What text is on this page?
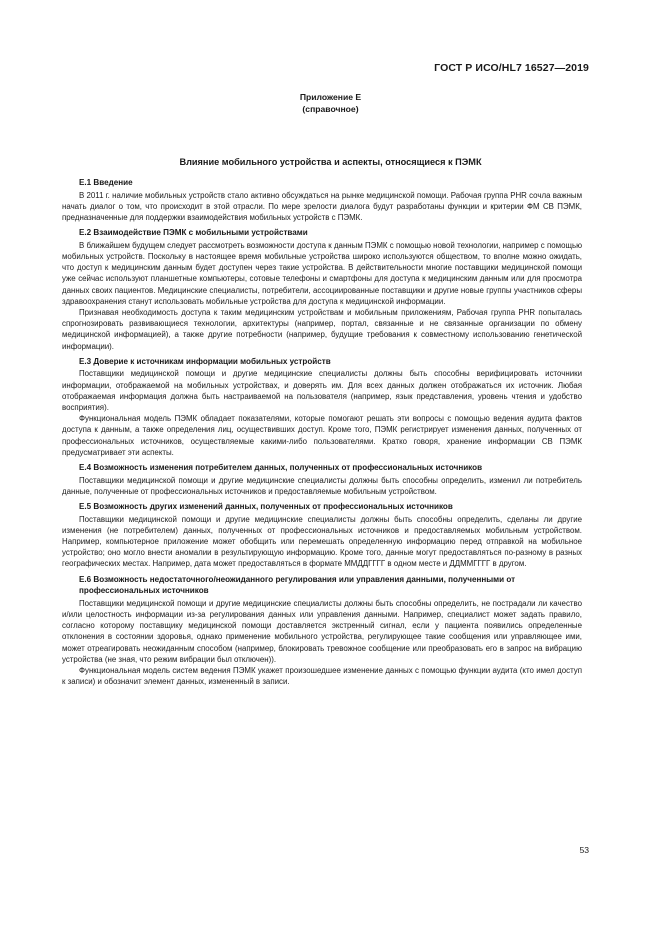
ГОСТ Р ИСО/HL7 16527—2019
Приложение Е
(справочное)
Влияние мобильного устройства и аспекты, относящиеся к ПЭМК

Е.1 Введение

В 2011 г. наличие мобильных устройств стало активно обсуждаться на рынке медицинской помощи. Рабочая группа PHR сочла важным начать диалог о том, что происходит в этой отрасли. По мере зрелости диалога будут разработаны функции и критерии ФМ СВ ПЭМК, предназначенные для поддержки взаимодействия мобильных устройств с ПЭМК.

Е.2 Взаимодействие ПЭМК с мобильными устройствами

В ближайшем будущем следует рассмотреть возможности доступа к данным ПЭМК с помощью новой технологии, например с помощью мобильных устройств. Поскольку в настоящее время мобильные устройства широко используются обществом, то вполне можно ожидать, что доступ к медицинским данным будет доступен через такие устройства. В действительности многие поставщики медицинской помощи уже сейчас используют планшетные компьютеры, сотовые телефоны и смартфоны для доступа к медицинским данным или для просмотра данных своих пациентов. Медицинские специалисты, потребители, ассоциированные поставщики и другие новые группы участников сферы здравоохранения станут использовать мобильные устройства для доступа к медицинской информации.

Признавая необходимость доступа к таким медицинским устройствам и мобильным приложениям, Рабочая группа PHR попыталась спрогнозировать развивающиеся технологии, архитектуры (например, портал, связанные и не связанные организации по обмену медицинской информацией), а также другие потребности (например, будущие требования к совместному использованию генетической информации).

Е.3 Доверие к источникам информации мобильных устройств

Поставщики медицинской помощи и другие медицинские специалисты должны быть способны верифицировать источники информации, отображаемой на мобильных устройствах, и доверять им. Для всех данных должен отображаться их источник. Любая отображаемая информация должна быть настраиваемой на пользователя (например, язык представления, уровень чтения и удобство восприятия).

Функциональная модель ПЭМК обладает показателями, которые помогают решать эти вопросы с помощью ведения аудита фактов доступа к данным, а также определения лиц, осуществивших доступ. Кроме того, ПЭМК регистрирует изменения данных, полученных от профессиональных источников, осуществляемые какими-либо пользователями. Кратко говоря, хранение информации СВ ПЭМК предусматривает эти аспекты.

Е.4 Возможность изменения потребителем данных, полученных от профессиональных источников

Поставщики медицинской помощи и другие медицинские специалисты должны быть способны определить, изменил ли потребитель данные, полученные от профессиональных источников и предоставляемые мобильным устройством.

Е.5 Возможность других изменений данных, полученных от профессиональных источников

Поставщики медицинской помощи и другие медицинские специалисты должны быть способны определить, сделаны ли другие изменения (не потребителем) данных, полученных от профессиональных источников и предоставляемых мобильным устройством. Например, компьютерное приложение может обобщить или перемешать определенную информацию перед отправкой на мобильное устройство; оно могло внести аномалии в результирующую информацию. Кроме того, данные могут предоставляться по-разному в разных географических местах. Например, дата может предоставляться в формате ММДДГГГГ в одном месте и ДДММГГГГ в другом.

Е.6 Возможность недостаточного/неожиданного регулирования или управления данными, полученными от профессиональных источников

Поставщики медицинской помощи и другие медицинские специалисты должны быть способны определить, не пострадали ли качество и/или целостность информации из-за регулирования данных или управления данными. Например, специалист может задать правило, согласно которому поставщику медицинской помощи доставляется экстренный сигнал, если у пациента появились определенные отклонения в состоянии здоровья, однако применение мобильного устройства, регулирующее такие сообщения или управляющее ими, может отреагировать неожиданным способом (например, блокировать тревожное сообщение или преобразовать его в запрос на вибрацию устройства (не зная, что режим вибрации был отключен)).

Функциональная модель систем ведения ПЭМК укажет произошедшее изменение данных с помощью функции аудита (кто имел доступ к записи) и обозначит элемент данных, измененный в записи.

53
